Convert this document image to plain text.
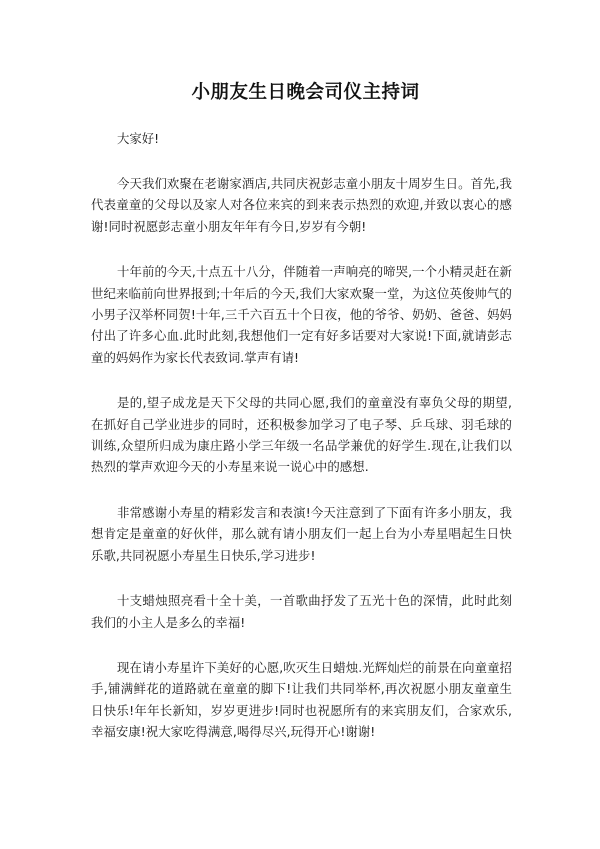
小朋友生日晚会司仪主持词

大家好!

今天我们欢聚在老谢家酒店,共同庆祝彭志童小朋友十周岁生日。首先,我代表童童的父母以及家人对各位来宾的到来表示热烈的欢迎,并致以衷心的感谢!同时祝愿彭志童小朋友年年有今日,岁岁有今朝!

十年前的今天,十点五十八分，伴随着一声响亮的啼哭,一个小精灵赶在新世纪来临前向世界报到;十年后的今天,我们大家欢聚一堂，为这位英俊帅气的小男子汉举杯同贺!十年,三千六百五十个日夜，他的爷爷、奶奶、爸爸、妈妈付出了许多心血.此时此刻,我想他们一定有好多话要对大家说!下面,就请彭志童的妈妈作为家长代表致词.掌声有请!

是的,望子成龙是天下父母的共同心愿,我们的童童没有辜负父母的期望,在抓好自己学业进步的同时，还积极参加学习了电子琴、乒乓球、羽毛球的训练,众望所归成为康庄路小学三年级一名品学兼优的好学生.现在,让我们以热烈的掌声欢迎今天的小寿星来说一说心中的感想.

非常感谢小寿星的精彩发言和表演!今天注意到了下面有许多小朋友，我想肯定是童童的好伙伴，那么就有请小朋友们一起上台为小寿星唱起生日快乐歌,共同祝愿小寿星生日快乐,学习进步!

十支蜡烛照亮看十全十美，一首歌曲抒发了五光十色的深情，此时此刻我们的小主人是多么的幸福!

现在请小寿星许下美好的心愿,吹灭生日蜡烛.光辉灿烂的前景在向童童招手,铺满鲜花的道路就在童童的脚下!让我们共同举杯,再次祝愿小朋友童童生日快乐!年年长新知，岁岁更进步!同时也祝愿所有的来宾朋友们，合家欢乐,幸福安康!祝大家吃得满意,喝得尽兴,玩得开心!谢谢!
